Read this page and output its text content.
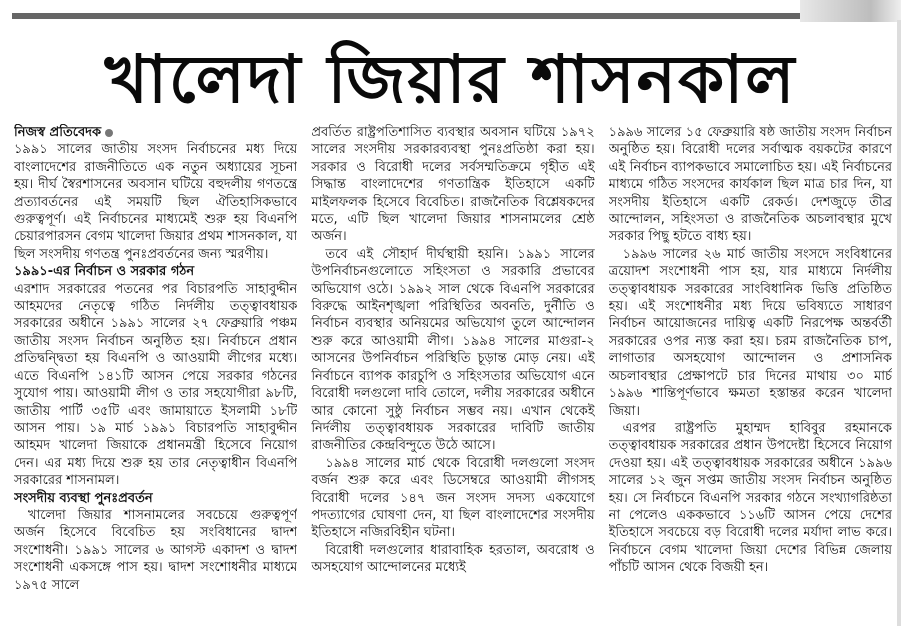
খালেদা জিয়ার শাসনকাল

নিজস্ব প্রতিবেদক

১৯৯১ সালের জাতীয় সংসদ নির্বাচনের মধ্য দিয়ে বাংলাদেশের রাজনীতিতে এক নতুন অধ্যায়ের সূচনা হয়। দীর্ঘ স্বৈরশাসনের অবসান ঘটিয়ে বহুদলীয় গণতন্ত্রে প্রত্যাবর্তনের এই সময়টি ছিল ঐতিহাসিকভাবে গুরুত্বপূর্ণ। এই নির্বাচনের মাধ্যমেই শুরু হয় বিএনপি চেয়ারপারসন বেগম খালেদা জিয়ার প্রথম শাসনকাল, যা ছিল সংসদীয় গণতন্ত্র পুনঃপ্রবর্তনের জন্য স্মরণীয়।

১৯৯১-এর নির্বাচন ও সরকার গঠন

এরশাদ সরকারের পতনের পর বিচারপতি সাহাবুদ্দীন আহমদের নেতৃত্বে গঠিত নির্দলীয় তত্ত্বাবধায়ক সরকারের অধীনে ১৯৯১ সালের ২৭ ফেব্রুয়ারি পঞ্চম জাতীয় সংসদ নির্বাচন অনুষ্ঠিত হয়। নির্বাচনে প্রধান প্রতিদ্বন্দ্বিতা হয় বিএনপি ও আওয়ামী লীগের মধ্যে। এতে বিএনপি ১৪১টি আসন পেয়ে সরকার গঠনের সুযোগ পায়। আওয়ামী লীগ ও তার সহযোগীরা ৯৮টি, জাতীয় পার্টি ৩৫টি এবং জামায়াতে ইসলামী ১৮টি আসন পায়। ১৯ মার্চ ১৯৯১ বিচারপতি সাহাবুদ্দীন আহমদ খালেদা জিয়াকে প্রধানমন্ত্রী হিসেবে নিয়োগ দেন। এর মধ্য দিয়ে শুরু হয় তার নেতৃত্বাধীন বিএনপি সরকারের শাসনামল।

সংসদীয় ব্যবস্থা পুনঃপ্রবর্তন

খালেদা জিয়ার শাসনামলের সবচেয়ে গুরুত্বপূর্ণ অর্জন হিসেবে বিবেচিত হয় সংবিধানের দ্বাদশ সংশোধনী। ১৯৯১ সালের ৬ আগস্ট একাদশ ও দ্বাদশ সংশোধনী একসঙ্গে পাস হয়। দ্বাদশ সংশোধনীর মাধ্যমে ১৯৭৫ সালে

প্রবর্তিত রাষ্ট্রপতিশাসিত ব্যবস্থার অবসান ঘটিয়ে ১৯৭২ সালের সংসদীয় সরকারব্যবস্থা পুনঃপ্রতিষ্ঠা করা হয়। সরকার ও বিরোধী দলের সর্বসম্মতিক্রমে গৃহীত এই সিদ্ধান্ত বাংলাদেশের গণতান্ত্রিক ইতিহাসে একটি মাইলফলক হিসেবে বিবেচিত। রাজনৈতিক বিশ্লেষকদের মতে, এটি ছিল খালেদা জিয়ার শাসনামলের শ্রেষ্ঠ অর্জন।

তবে এই সৌহার্দ দীর্ঘস্থায়ী হয়নি। ১৯৯১ সালের উপনির্বাচনগুলোতে সহিংসতা ও সরকারি প্রভাবের অভিযোগ ওঠে। ১৯৯২ সাল থেকে বিএনপি সরকারের বিরুদ্ধে আইনশৃঙ্খলা পরিস্থিতির অবনতি, দুর্নীতি ও নির্বাচন ব্যবস্থার অনিয়মের অভিযোগ তুলে আন্দোলন শুরু করে আওয়ামী লীগ। ১৯৯৪ সালের মাগুরা-২ আসনের উপনির্বাচন পরিস্থিতি চূড়ান্ত মোড় নেয়। এই নির্বাচনে ব্যাপক কারচুপি ও সহিংসতার অভিযোগ এনে বিরোধী দলগুলো দাবি তোলে, দলীয় সরকারের অধীনে আর কোনো সুষ্ঠু নির্বাচন সম্ভব নয়। এখান থেকেই নির্দলীয় তত্ত্বাবধায়ক সরকারের দাবিটি জাতীয় রাজনীতির কেন্দ্রবিন্দুতে উঠে আসে।

১৯৯৪ সালের মার্চ থেকে বিরোধী দলগুলো সংসদ বর্জন শুরু করে এবং ডিসেম্বরে আওয়ামী লীগসহ বিরোধী দলের ১৪৭ জন সংসদ সদস্য একযোগে পদত্যাগের ঘোষণা দেন, যা ছিল বাংলাদেশের সংসদীয় ইতিহাসে নজিরবিহীন ঘটনা।

বিরোধী দলগুলোর ধারাবাহিক হরতাল, অবরোধ ও অসহযোগ আন্দোলনের মধ্যেই

১৯৯৬ সালের ১৫ ফেব্রুয়ারি ষষ্ঠ জাতীয় সংসদ নির্বাচন অনুষ্ঠিত হয়। বিরোধী দলের সর্বাত্মক বয়কটের কারণে এই নির্বাচন ব্যাপকভাবে সমালোচিত হয়। এই নির্বাচনের মাধ্যমে গঠিত সংসদের কার্যকাল ছিল মাত্র চার দিন, যা সংসদীয় ইতিহাসে একটি রেকর্ড। দেশজুড়ে তীব্র আন্দোলন, সহিংসতা ও রাজনৈতিক অচলাবস্থার মুখে সরকার পিছু হটতে বাধ্য হয়।

১৯৯৬ সালের ২৬ মার্চ জাতীয় সংসদে সংবিধানের ত্রয়োদশ সংশোধনী পাস হয়, যার মাধ্যমে নির্দলীয় তত্ত্বাবধায়ক সরকারের সাংবিধানিক ভিত্তি প্রতিষ্ঠিত হয়। এই সংশোধনীর মধ্য দিয়ে ভবিষ্যতে সাধারণ নির্বাচন আয়োজনের দায়িত্ব একটি নিরপেক্ষ অন্তর্বর্তী সরকারের ওপর ন্যস্ত করা হয়। চরম রাজনৈতিক চাপ, লাগাতার অসহযোগ আন্দোলন ও প্রশাসনিক অচলাবস্থার প্রেক্ষাপটে চার দিনের মাথায় ৩০ মার্চ ১৯৯৬ শান্তিপূর্ণভাবে ক্ষমতা হস্তান্তর করেন খালেদা জিয়া।

এরপর রাষ্ট্রপতি মুহাম্মদ হাবিবুর রহমানকে তত্ত্বাবধায়ক সরকারের প্রধান উপদেষ্টা হিসেবে নিয়োগ দেওয়া হয়। এই তত্ত্বাবধায়ক সরকারের অধীনে ১৯৯৬ সালের ১২ জুন সপ্তম জাতীয় সংসদ নির্বাচন অনুষ্ঠিত হয়। সে নির্বাচনে বিএনপি সরকার গঠনে সংখ্যাগরিষ্ঠতা না পেলেও এককভাবে ১১৬টি আসন পেয়ে দেশের ইতিহাসে সবচেয়ে বড় বিরোধী দলের মর্যাদা লাভ করে। নির্বাচনে বেগম খালেদা জিয়া দেশের বিভিন্ন জেলায় পাঁচটি আসন থেকে বিজয়ী হন।
